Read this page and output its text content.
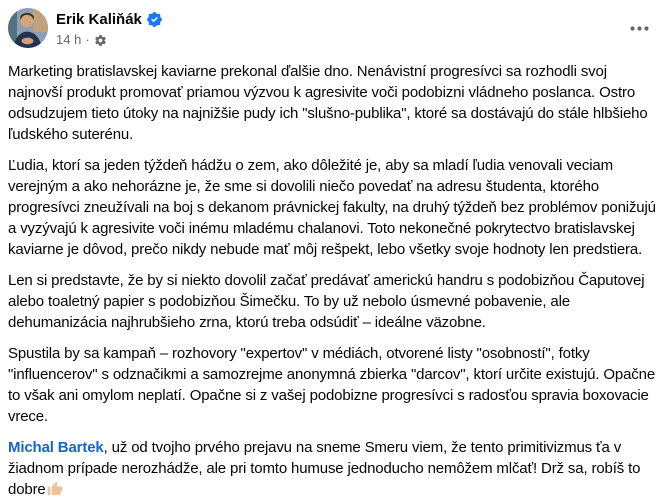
Erik Kaliňák
14 h ·

Marketing bratislavskej kaviarne prekonal ďalšie dno. Nenávistní progresívci sa rozhodli svoj najnovší produkt promovať priamou výzvou k agresivite voči podobizni vládneho poslanca. Ostro odsudzujem tieto útoky na najnižšie pudy ich "slušno-publika", ktoré sa dostávajú do stále hlbšieho ľudského suterénu.

Ľudia, ktorí sa jeden týždeň hádžu o zem, ako dôležité je, aby sa mladí ľudia venovali veciam verejným a ako nehorázne je, že sme si dovolili niečo povedať na adresu študenta, ktorého progresívci zneužívali na boj s dekanom právnickej fakulty, na druhý týždeň bez problémov ponižujú a vyzývajú k agresivite voči inému mladému chalanovi. Toto nekonečné pokrytectvo bratislavskej kaviarne je dôvod, prečo nikdy nebude mať môj rešpekt, lebo všetky svoje hodnoty len predstiera.

Len si predstavte, že by si niekto dovolil začať predávať americkú handru s podobizňou Čaputovej alebo toaletný papier s podobizňou Šimečku. To by už nebolo úsmevné pobavenie, ale dehumanizácia najhrubšieho zrna, ktorú treba odsúdiť – ideálne väzobne.

Spustila by sa kampaň – rozhovory "expertov" v médiách, otvorené listy "osobností", fotky "influencerov" s odznačikmi a samozrejme anonymná zbierka "darcov", ktorí určite existujú. Opačne to však ani omylom neplatí. Opačne si z vašej podobizne progresívci s radosťou spravia boxovacie vrece.

Michal Bartek, už od tvojho prvého prejavu na sneme Smeru viem, že tento primitivizmus ťa v žiadnom prípade nerozhádže, ale pri tomto humuse jednoducho nemôžem mlčať! Drž sa, robíš to dobre
